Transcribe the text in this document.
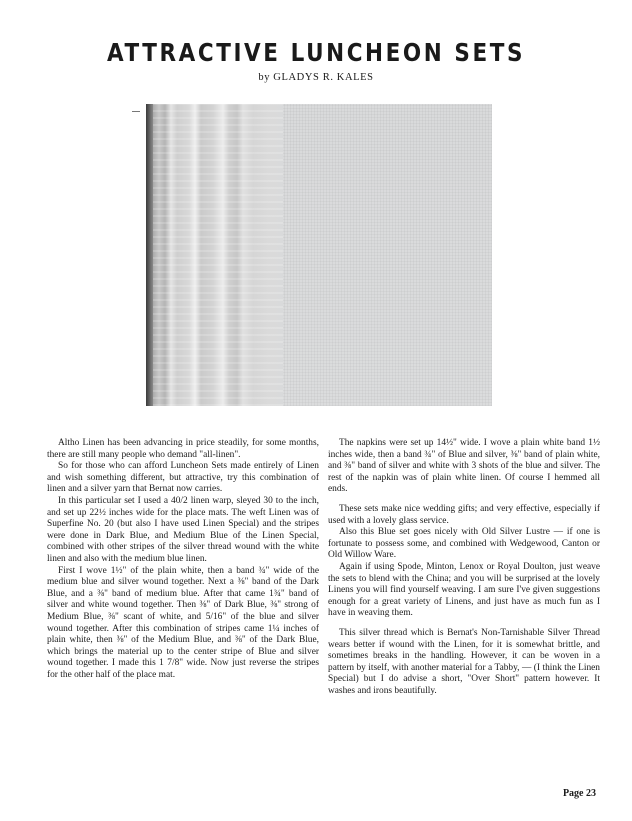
ATTRACTIVE LUNCHEON SETS
by GLADYS R. KALES

Altho Linen has been advancing in price steadily, for some months, there are still many people who demand "all-linen".

So for those who can afford Luncheon Sets made entirely of Linen and wish something different, but attractive, try this combination of linen and a silver yarn that Bernat now carries.

In this particular set I used a 40/2 linen warp, sleyed 30 to the inch, and set up 22½ inches wide for the place mats. The weft Linen was of Superfine No. 20 (but also I have used Linen Special) and the stripes were done in Dark Blue, and Medium Blue of the Linen Special, combined with other stripes of the silver thread wound with the white linen and also with the medium blue linen.

First I wove 1½" of the plain white, then a band ¾" wide of the medium blue and silver wound together. Next a ⅜" band of the Dark Blue, and a ⅜" band of medium blue. After that came 1¾" band of silver and white wound together. Then ⅜" of Dark Blue, ⅜" strong of Medium Blue, ⅜" scant of white, and 5/16" of the blue and silver wound together. After this combination of stripes came 1¼ inches of plain white, then ⅜" of the Medium Blue, and ⅜" of the Dark Blue, which brings the material up to the center stripe of Blue and silver wound together. I made this 1 7/8" wide. Now just reverse the stripes for the other half of the place mat.

The napkins were set up 14½" wide. I wove a plain white band 1½ inches wide, then a band ¾" of Blue and silver, ⅜" band of plain white, and ⅜" band of silver and white with 3 shots of the blue and silver. The rest of the napkin was of plain white linen. Of course I hemmed all ends.

These sets make nice wedding gifts; and very effective, especially if used with a lovely glass service.

Also this Blue set goes nicely with Old Silver Lustre — if one is fortunate to possess some, and combined with Wedgewood, Canton or Old Willow Ware.

Again if using Spode, Minton, Lenox or Royal Doulton, just weave the sets to blend with the China; and you will be surprised at the lovely Linens you will find yourself weaving. I am sure I've given suggestions enough for a great variety of Linens, and just have as much fun as I have in weaving them.

This silver thread which is Bernat's Non-Tarnishable Silver Thread wears better if wound with the Linen, for it is somewhat brittle, and sometimes breaks in the handling. However, it can be woven in a pattern by itself, with another material for a Tabby, — (I think the Linen Special) but I do advise a short, "Over Short" pattern however. It washes and irons beautifully.

Page 23
